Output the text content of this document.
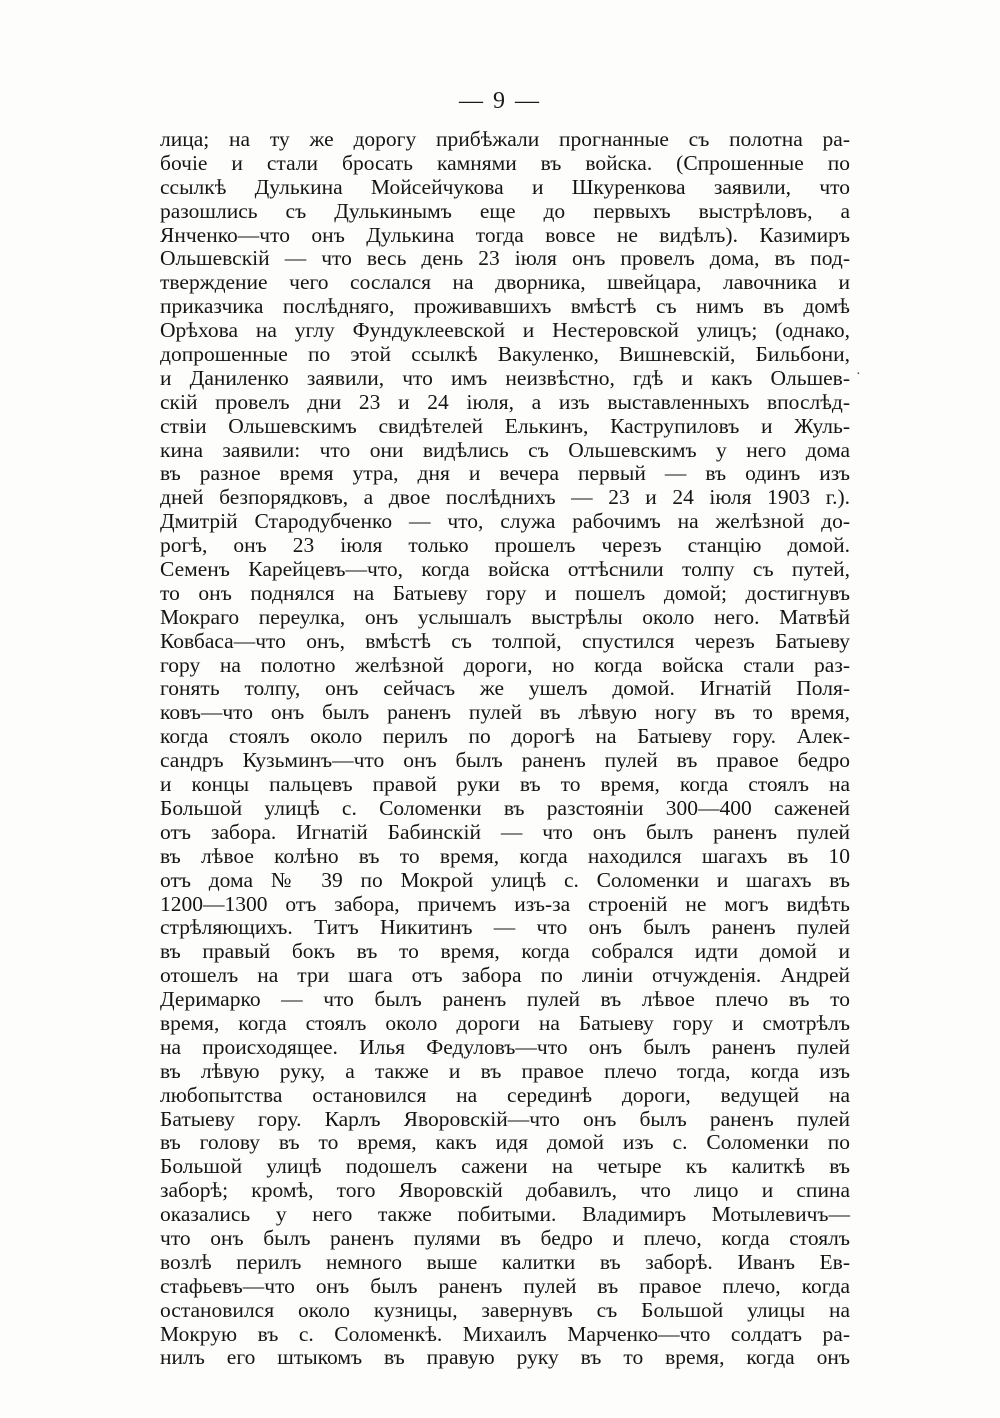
— 9 —
·
лица; на ту же дорогу прибѣжали прогнанные съ полотна ра-
бочіе и стали бросать камнями въ войска. (Спрошенные по
ссылкѣ Дулькина Мойсейчукова и Шкуренкова заявили, что
разошлись съ Дулькинымъ еще до первыхъ выстрѣловъ, а
Янченко—что онъ Дулькина тогда вовсе не видѣлъ). Казимиръ
Ольшевскій — что весь день 23 іюля онъ провелъ дома, въ под-
тверждение чего сослался на дворника, швейцара, лавочника и
приказчика послѣдняго, проживавшихъ вмѣстѣ съ нимъ въ домѣ
Орѣхова на углу Фундуклеевской и Нестеровской улицъ; (однако,
допрошенные по этой ссылкѣ Вакуленко, Вишневскій, Бильбони,
и Даниленко заявили, что имъ неизвѣстно, гдѣ и какъ Ольшев-
скій провелъ дни 23 и 24 іюля, а изъ выставленныхъ впослѣд-
ствіи Ольшевскимъ свидѣтелей Елькинъ, Каструпиловъ и Жуль-
кина заявили: что они видѣлись съ Ольшевскимъ у него дома
въ разное время утра, дня и вечера первый — въ одинъ изъ
дней безпорядковъ, а двое послѣднихъ — 23 и 24 іюля 1903 г.).
Дмитрій Стародубченко — что, служа рабочимъ на желѣзной до-
рогѣ, онъ 23 іюля только прошелъ черезъ станцію домой.
Семенъ Карейцевъ—что, когда войска оттѣснили толпу съ путей,
то онъ поднялся на Батыеву гору и пошелъ домой; достигнувъ
Мокраго переулка, онъ услышалъ выстрѣлы около него. Матвѣй
Ковбаса—что онъ, вмѣстѣ съ толпой, спустился черезъ Батыеву
гору на полотно желѣзной дороги, но когда войска стали раз-
гонять толпу, онъ сейчасъ же ушелъ домой. Игнатій Поля-
ковъ—что онъ былъ раненъ пулей въ лѣвую ногу въ то время,
когда стоялъ около перилъ по дорогѣ на Батыеву гору. Алек-
сандръ Кузьминъ—что онъ былъ раненъ пулей въ правое бедро
и концы пальцевъ правой руки въ то время, когда стоялъ на
Большой улицѣ с. Соломенки въ разстояніи 300—400 саженей
отъ забора. Игнатій Бабинскій — что онъ былъ раненъ пулей
въ лѣвое колѣно въ то время, когда находился шагахъ въ 10
отъ дома № 39 по Мокрой улицѣ с. Соломенки и шагахъ въ
1200—1300 отъ забора, причемъ изъ-за строеній не могъ видѣть
стрѣляющихъ. Титъ Никитинъ — что онъ былъ раненъ пулей
въ правый бокъ въ то время, когда собрался идти домой и
отошелъ на три шага отъ забора по линіи отчужденія. Андрей
Деримарко — что былъ раненъ пулей въ лѣвое плечо въ то
время, когда стоялъ около дороги на Батыеву гору и смотрѣлъ
на происходящее. Илья Федуловъ—что онъ былъ раненъ пулей
въ лѣвую руку, а также и въ правое плечо тогда, когда изъ
любопытства остановился на серединѣ дороги, ведущей на
Батыеву гору. Карлъ Яворовскій—что онъ былъ раненъ пулей
въ голову въ то время, какъ идя домой изъ с. Соломенки по
Большой улицѣ подошелъ сажени на четыре къ калиткѣ въ
заборѣ; кромѣ, того Яворовскій добавилъ, что лицо и спина
оказались у него также побитыми. Владимиръ Мотылевичъ—
что онъ былъ раненъ пулями въ бедро и плечо, когда стоялъ
возлѣ перилъ немного выше калитки въ заборѣ. Иванъ Ев-
стафьевъ—что онъ былъ раненъ пулей въ правое плечо, когда
остановился около кузницы, завернувъ съ Большой улицы на
Мокрую въ с. Соломенкѣ. Михаилъ Марченко—что солдатъ ра-
нилъ его штыкомъ въ правую руку въ то время, когда онъ
